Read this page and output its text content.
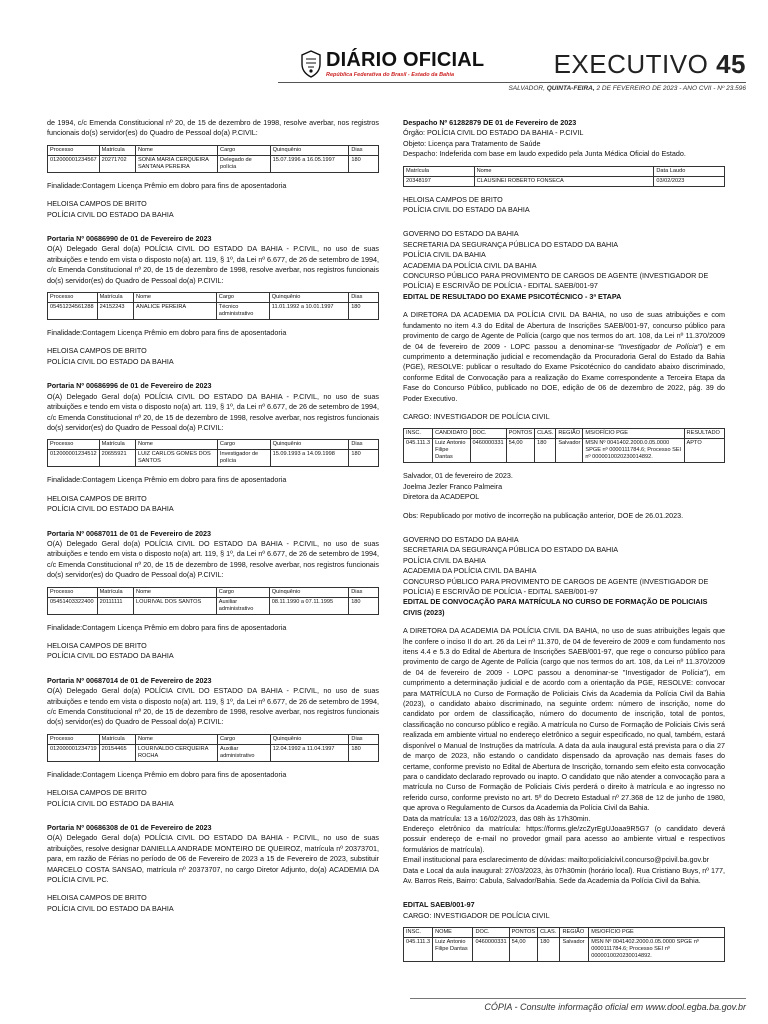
DIÁRIO OFICIAL
República Federativa do Brasil - Estado da Bahia	EXECUTIVO 45
SALVADOR, QUINTA-FEIRA, 2 DE FEVEREIRO DE 2023 - ANO CVII - Nº 23.596

de 1994, c/c Emenda Constitucional nº 20, de 15 de dezembro de 1998, resolve averbar, nos registros funcionais do(s) servidor(es) do Quadro de Pessoal do(a) P.CIVIL:

Processo	Matrícula	Nome	Cargo	Quinquênio	Dias
012000001234567	20271702	SONIA MARIA CERQUEIRA SANTANA PEREIRA	Delegado de polícia	15.07.1996 a 16.05.1997	180

Finalidade:Contagem Licença Prêmio em dobro para fins de aposentadoria

HELOISA CAMPOS DE BRITO

POLÍCIA CIVIL DO ESTADO DA BAHIA

Portaria Nº 00686990 de 01 de Fevereiro de 2023

O(A) Delegado Geral do(a) POLÍCIA CIVIL DO ESTADO DA BAHIA - P.CIVIL, no uso de suas atribuições e tendo em vista o disposto no(a) art. 119, § 1º, da Lei nº 6.677, de 26 de setembro de 1994, c/c Emenda Constitucional nº 20, de 15 de dezembro de 1998, resolve averbar, nos registros funcionais do(s) servidor(es) do Quadro de Pessoal do(a) P.CIVIL:

Processo	Matrícula	Nome	Cargo	Quinquênio	Dias
05451234561288	24152243	ANALICE PEREIRA	Técnico administrativo	11.01.1992 a 10.01.1997	180

Finalidade:Contagem Licença Prêmio em dobro para fins de aposentadoria

HELOISA CAMPOS DE BRITO

POLÍCIA CIVIL DO ESTADO DA BAHIA

Portaria Nº 00686996 de 01 de Fevereiro de 2023

O(A) Delegado Geral do(a) POLÍCIA CIVIL DO ESTADO DA BAHIA - P.CIVIL, no uso de suas atribuições e tendo em vista o disposto no(a) art. 119, § 1º, da Lei nº 6.677, de 26 de setembro de 1994, c/c Emenda Constitucional nº 20, de 15 de dezembro de 1998, resolve averbar, nos registros funcionais do(s) servidor(es) do Quadro de Pessoal do(a) P.CIVIL:

Processo	Matrícula	Nome	Cargo	Quinquênio	Dias
012000001234512	20655921	LUIZ CARLOS GOMES DOS SANTOS	Investigador de polícia	15.09.1993 a 14.09.1998	180

Finalidade:Contagem Licença Prêmio em dobro para fins de aposentadoria

HELOISA CAMPOS DE BRITO

POLÍCIA CIVIL DO ESTADO DA BAHIA

Portaria Nº 00687011 de 01 de Fevereiro de 2023

O(A) Delegado Geral do(a) POLÍCIA CIVIL DO ESTADO DA BAHIA - P.CIVIL, no uso de suas atribuições e tendo em vista o disposto no(a) art. 119, § 1º, da Lei nº 6.677, de 26 de setembro de 1994, c/c Emenda Constitucional nº 20, de 15 de dezembro de 1998, resolve averbar, nos registros funcionais do(s) servidor(es) do Quadro de Pessoal do(a) P.CIVIL:

Processo	Matrícula	Nome	Cargo	Quinquênio	Dias
05451403322400	20111111	LOURIVAL DOS SANTOS	Auxiliar administrativo	08.11.1990 a 07.11.1995	180

Finalidade:Contagem Licença Prêmio em dobro para fins de aposentadoria

HELOISA CAMPOS DE BRITO

POLÍCIA CIVIL DO ESTADO DA BAHIA

Portaria Nº 00687014 de 01 de Fevereiro de 2023

O(A) Delegado Geral do(a) POLÍCIA CIVIL DO ESTADO DA BAHIA - P.CIVIL, no uso de suas atribuições e tendo em vista o disposto no(a) art. 119, § 1º, da Lei nº 6.677, de 26 de setembro de 1994, c/c Emenda Constitucional nº 20, de 15 de dezembro de 1998, resolve averbar, nos registros funcionais do(s) servidor(es) do Quadro de Pessoal do(a) P.CIVIL:

Processo	Matrícula	Nome	Cargo	Quinquênio	Dias
012000001234719	20154465	LOURIVALDO CERQUEIRA ROCHA	Auxiliar administrativo	12.04.1992 a 11.04.1997	180

Finalidade:Contagem Licença Prêmio em dobro para fins de aposentadoria

HELOISA CAMPOS DE BRITO

POLÍCIA CIVIL DO ESTADO DA BAHIA

Portaria Nº 00686308 de 01 de Fevereiro de 2023

O(A) Delegado Geral do(a) POLÍCIA CIVIL DO ESTADO DA BAHIA - P.CIVIL, no uso de suas atribuições, resolve designar DANIELLA ANDRADE MONTEIRO DE QUEIROZ, matrícula nº 20373701, para, em razão de Férias no período de 06 de Fevereiro de 2023 a 15 de Fevereiro de 2023, substituir MARCELO COSTA SANSAO, matrícula nº 20373707, no cargo Diretor Adjunto, do(a) ACADEMIA DA POLÍCIA CIVIL PC.

HELOISA CAMPOS DE BRITO

POLÍCIA CIVIL DO ESTADO DA BAHIA

Despacho Nº 61282879 DE 01 de Fevereiro de 2023

Órgão: POLÍCIA CIVIL DO ESTADO DA BAHIA - P.CIVIL

Objeto: Licença para Tratamento de Saúde

Despacho: Indeferida com base em laudo expedido pela Junta Médica Oficial do Estado.

Matrícula	Nome	Data Laudo
20348197	CLAUSINEI ROBERTO FONSECA	03/02/2023

HELOISA CAMPOS DE BRITO

POLÍCIA CIVIL DO ESTADO DA BAHIA

GOVERNO DO ESTADO DA BAHIA

SECRETARIA DA SEGURANÇA PÚBLICA DO ESTADO DA BAHIA

POLÍCIA CIVIL DA BAHIA

ACADEMIA DA POLÍCIA CIVIL DA BAHIA

CONCURSO PÚBLICO PARA PROVIMENTO DE CARGOS DE AGENTE (INVESTIGADOR DE POLÍCIA) E ESCRIVÃO DE POLÍCIA - EDITAL SAEB/001-97

EDITAL DE RESULTADO DO EXAME PSICOTÉCNICO - 3ª ETAPA

A DIRETORA DA ACADEMIA DA POLÍCIA CIVIL DA BAHIA, no uso de suas atribuições e com fundamento no item 4.3 do Edital de Abertura de Inscrições SAEB/001-97, concurso público para provimento de cargo de Agente de Polícia (cargo que nos termos do art. 108, da Lei nº 11.370/2009 de 04 de fevereiro de 2009 - LOPC passou a denominar-se "Investigador de Polícia") e em cumprimento a determinação judicial e recomendação da Procuradoria Geral do Estado da Bahia (PGE), RESOLVE: publicar o resultado do Exame Psicotécnico do candidato abaixo discriminado, conforme Edital de Convocação para a realização do Exame correspondente a Terceira Etapa da Fase do Concurso Público, publicado no DOE, edição de 06 de dezembro de 2022, pág. 39 do Poder Executivo.

CARGO: INVESTIGADOR DE POLÍCIA CIVIL

INSC.	CANDIDATO	DOC.	PONTOS	CLAS.	REGIÃO	MS/OFÍCIO PGE	RESULTADO
045.111.3	Luiz Antonio Filipe Dantas	0460000331	54,00	180	Salvador	MSN Nº 0041402.2000.0.05.0000 SPGE nº 0000111784.6; Processo SEI nº 0000010020230014892.	APTO

Salvador, 01 de fevereiro de 2023.

Joelma Jezler Franco Palmeira

Diretora da ACADEPOL

Obs: Republicado por motivo de incorreção na publicação anterior, DOE de 26.01.2023.

GOVERNO DO ESTADO DA BAHIA

SECRETARIA DA SEGURANÇA PÚBLICA DO ESTADO DA BAHIA

POLÍCIA CIVIL DA BAHIA

ACADEMIA DA POLÍCIA CIVIL DA BAHIA

CONCURSO PÚBLICO PARA PROVIMENTO DE CARGOS DE AGENTE (INVESTIGADOR DE POLÍCIA) E ESCRIVÃO DE POLÍCIA - EDITAL SAEB/001-97

EDITAL DE CONVOCAÇÃO PARA MATRÍCULA NO CURSO DE FORMAÇÃO DE POLICIAIS CIVIS (2023)

A DIRETORA DA ACADEMIA DA POLÍCIA CIVIL DA BAHIA, no uso de suas atribuições legais que lhe confere o inciso II do art. 26 da Lei nº 11.370, de 04 de fevereiro de 2009 e com fundamento nos itens 4.4 e 5.3 do Edital de Abertura de Inscrições SAEB/001-97, que rege o concurso público para provimento de cargo de Agente de Polícia (cargo que nos termos do art. 108, da Lei nº 11.370/2009 de 04 de fevereiro de 2009 - LOPC passou a denominar-se "Investigador de Polícia"), em cumprimento a determinação judicial e de acordo com a orientação da PGE, RESOLVE: convocar para MATRÍCULA no Curso de Formação de Policiais Civis da Academia da Polícia Civil da Bahia (2023), o candidato abaixo discriminado, na seguinte ordem: número de inscrição, nome do candidato por ordem de classificação, número do documento de inscrição, total de pontos, classificação no concurso público e região. A matrícula no Curso de Formação de Policiais Civis será realizada em ambiente virtual no endereço eletrônico a seguir especificado, no qual, também, estará disponível o Manual de Instruções da matrícula. A data da aula inaugural está prevista para o dia 27 de março de 2023, não estando o candidato dispensado da aprovação nas demais fases do certame, conforme previsto no Edital de Abertura de Inscrição, tornando sem efeito esta convocação para o candidato declarado reprovado ou inapto. O candidato que não atender a convocação para a matrícula no Curso de Formação de Policiais Civis perderá o direito à matrícula e ao ingresso no referido curso, conforme previsto no art. 5º do Decreto Estadual nº 27.368 de 12 de junho de 1980, que aprova o Regulamento de Cursos da Academia da Polícia Civil da Bahia.

Data da matrícula: 13 a 16/02/2023, das 08h às 17h30min.

Endereço eletrônico da matrícula: https://forms.gle/zcZyrEgUJoaa9R5G7 (o candidato deverá possuir endereço de e-mail no provedor gmail para acesso ao ambiente virtual e respectivos formulários de matrícula).

Email institucional para esclarecimento de dúvidas: mailto:policialcivil.concurso@pcivil.ba.gov.br

Data e Local da aula inaugural: 27/03/2023, às 07h30min (horário local). Rua Cristiano Buys, nº 177, Av. Barros Reis, Bairro: Cabula, Salvador/Bahia. Sede da Academia da Polícia Civil da Bahia.

EDITAL SAEB/001-97

CARGO: INVESTIGADOR DE POLÍCIA CIVIL

INSC.	NOME	DOC.	PONTOS	CLAS.	REGIÃO	MS/OFÍCIO PGE
045.111.3	Luiz Antonio Filipe Dantas	0460000331	54,00	180	Salvador	MSN Nº 0041402.2000.0.05.0000 SPGE nº 0000111784.6; Processo SEI nº 0000010020230014892.
CÓPIA - Consulte informação oficial em www.dool.egba.ba.gov.br
